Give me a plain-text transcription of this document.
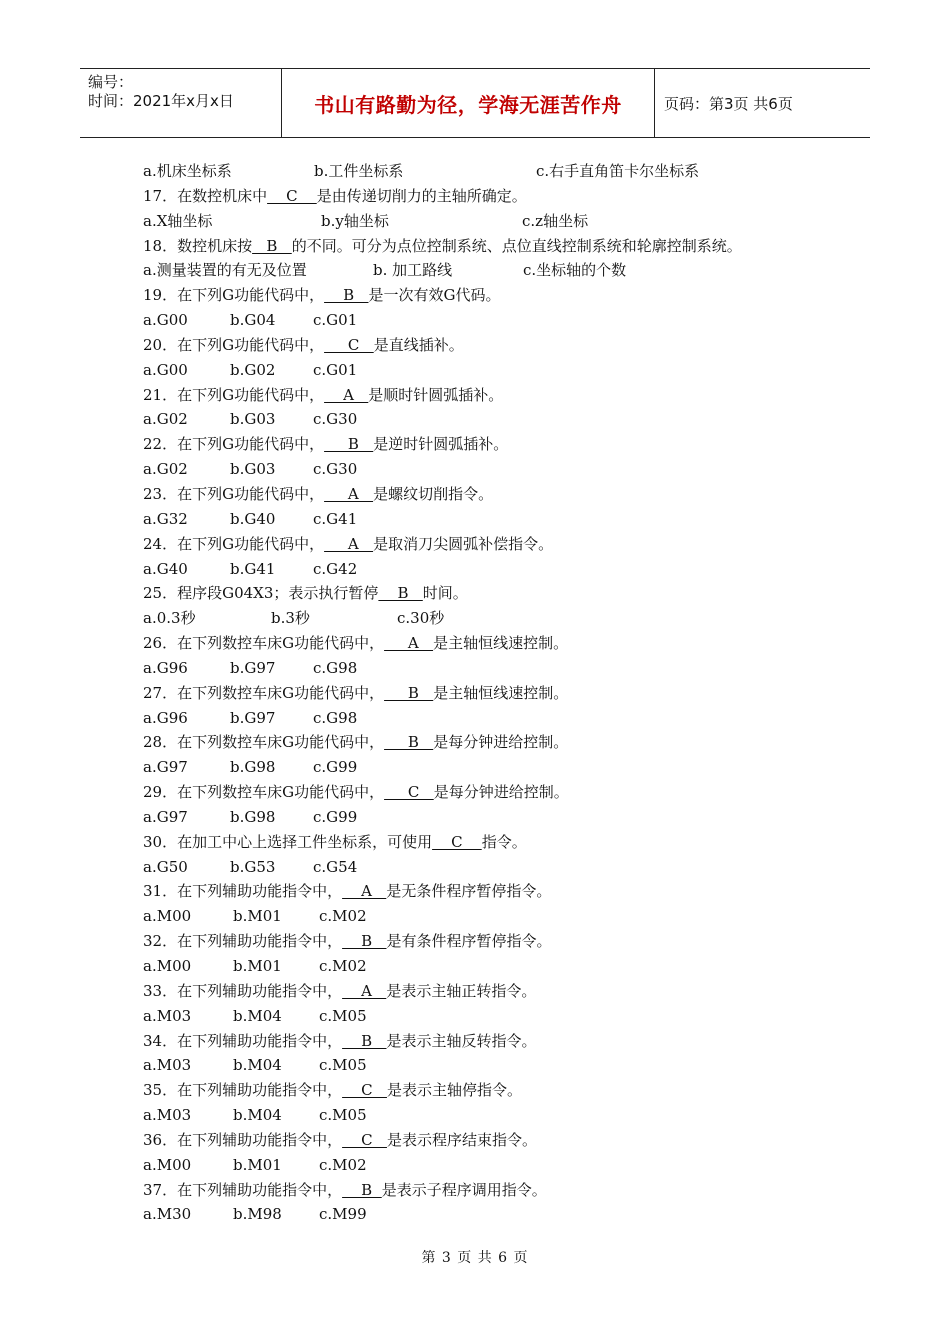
编号：
时间：2021年x月x日	书山有路勤为径，学海无涯苦作舟	页码：第3页 共6页
a.机床坐标系	b.工件坐标系	c.右手直角笛卡尔坐标系
17．在数控机床中    C    是由传递切削力的主轴所确定。
a.X轴坐标	b.y轴坐标	c.z轴坐标
18．数控机床按   B   的不同。可分为点位控制系统、点位直线控制系统和轮廓控制系统。
a.测量装置的有无及位置	b. 加工路线	c.坐标轴的个数
19．在下列G功能代码中，    B   是一次有效G代码。
a.G00	b.G04	c.G01
20．在下列G功能代码中，     C   是直线插补。
a.G00	b.G02	c.G01
21．在下列G功能代码中，    A   是顺时针圆弧插补。
a.G02	b.G03	c.G30
22．在下列G功能代码中，     B   是逆时针圆弧插补。
a.G02	b.G03	c.G30
23．在下列G功能代码中，     A   是螺纹切削指令。
a.G32	b.G40	c.G41
24．在下列G功能代码中，     A   是取消刀尖圆弧补偿指令。
a.G40	b.G41	c.G42
25．程序段G04X3；表示执行暂停    B   时间。
a.0.3秒	b.3秒	c.30秒
26．在下列数控车床G功能代码中，     A   是主轴恒线速控制。
a.G96	b.G97	c.G98
27．在下列数控车床G功能代码中，     B   是主轴恒线速控制。
a.G96	b.G97	c.G98
28．在下列数控车床G功能代码中，     B   是每分钟进给控制。
a.G97	b.G98	c.G99
29．在下列数控车床G功能代码中，     C   是每分钟进给控制。
a.G97	b.G98	c.G99
30．在加工中心上选择工件坐标系，可使用    C    指令。
a.G50	b.G53	c.G54
31．在下列辅助功能指令中，    A   是无条件程序暂停指令。
a.M00	b.M01 c.M02
32．在下列辅助功能指令中，    B   是有条件程序暂停指令。
a.M00	b.M01 c.M02
33．在下列辅助功能指令中，    A   是表示主轴正转指令。
a.M03	b.M04 c.M05
34．在下列辅助功能指令中，    B   是表示主轴反转指令。
a.M03	b.M04 c.M05
35．在下列辅助功能指令中，    C   是表示主轴停指令。
a.M03	b.M04 c.M05
36．在下列辅助功能指令中，    C   是表示程序结束指令。
a.M00	b.M01 c.M02
37．在下列辅助功能指令中，    B  是表示子程序调用指令。
a.M30	b.M98 c.M99
第 3 页 共 6 页
